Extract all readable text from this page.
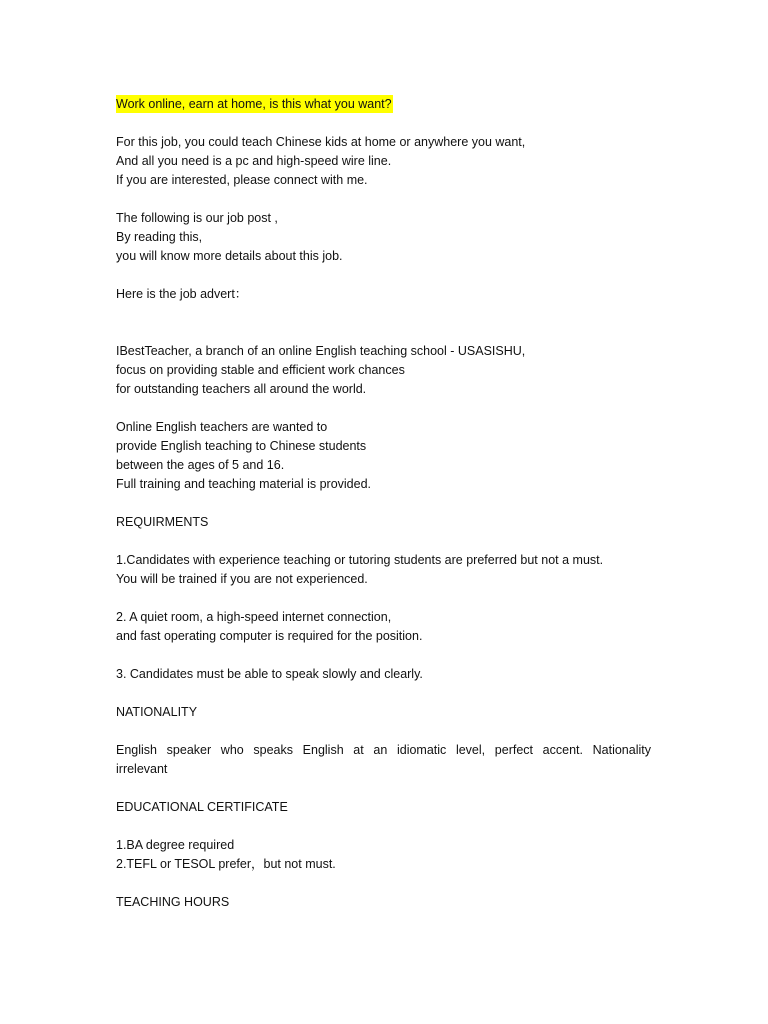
Work online, earn at home, is this what you want?
For this job, you could teach Chinese kids at home or anywhere you want,
And all you need is a pc and high-speed wire line.
If you are interested, please connect with me.
The following is our job post ,
By reading this,
you will know more details about this job.
Here is the job advert：
IBestTeacher, a branch of an online English teaching school - USASISHU,
focus on providing stable and efficient work chances
for outstanding teachers all around the world.
Online English teachers are wanted to
provide English teaching to Chinese students
between the ages of 5 and 16.
Full training and teaching material is provided.
REQUIRMENTS
1.Candidates with experience teaching or tutoring students are preferred but not a must.
You will be trained if you are not experienced.
2. A quiet room, a high-speed internet connection,
and fast operating computer is required for the position.
3. Candidates must be able to speak slowly and clearly.
NATIONALITY
English speaker who speaks English at an idiomatic level, perfect accent. Nationality
irrelevant
EDUCATIONAL CERTIFICATE
1.BA degree required
2.TEFL or TESOL prefer，but not must.
TEACHING HOURS
